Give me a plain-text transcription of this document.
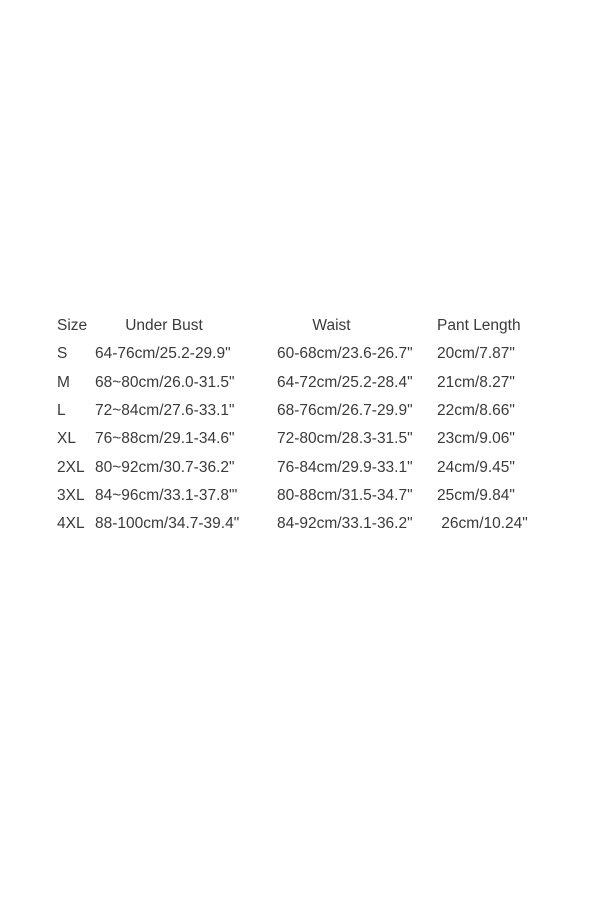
Size	Under Bust	Waist	Pant Length
S	64-76cm/25.2-29.9"	60-68cm/23.6-26.7"	20cm/7.87"
M	68~80cm/26.0-31.5"	64-72cm/25.2-28.4"	21cm/8.27"
L	72~84cm/27.6-33.1"	68-76cm/26.7-29.9"	22cm/8.66"
XL	76~88cm/29.1-34.6"	72-80cm/28.3-31.5"	23cm/9.06"
2XL	80~92cm/30.7-36.2"	76-84cm/29.9-33.1"	24cm/9.45"
3XL	84~96cm/33.1-37.8"'	80-88cm/31.5-34.7"	25cm/9.84"
4XL	88-100cm/34.7-39.4"	84-92cm/33.1-36.2"	26cm/10.24"
